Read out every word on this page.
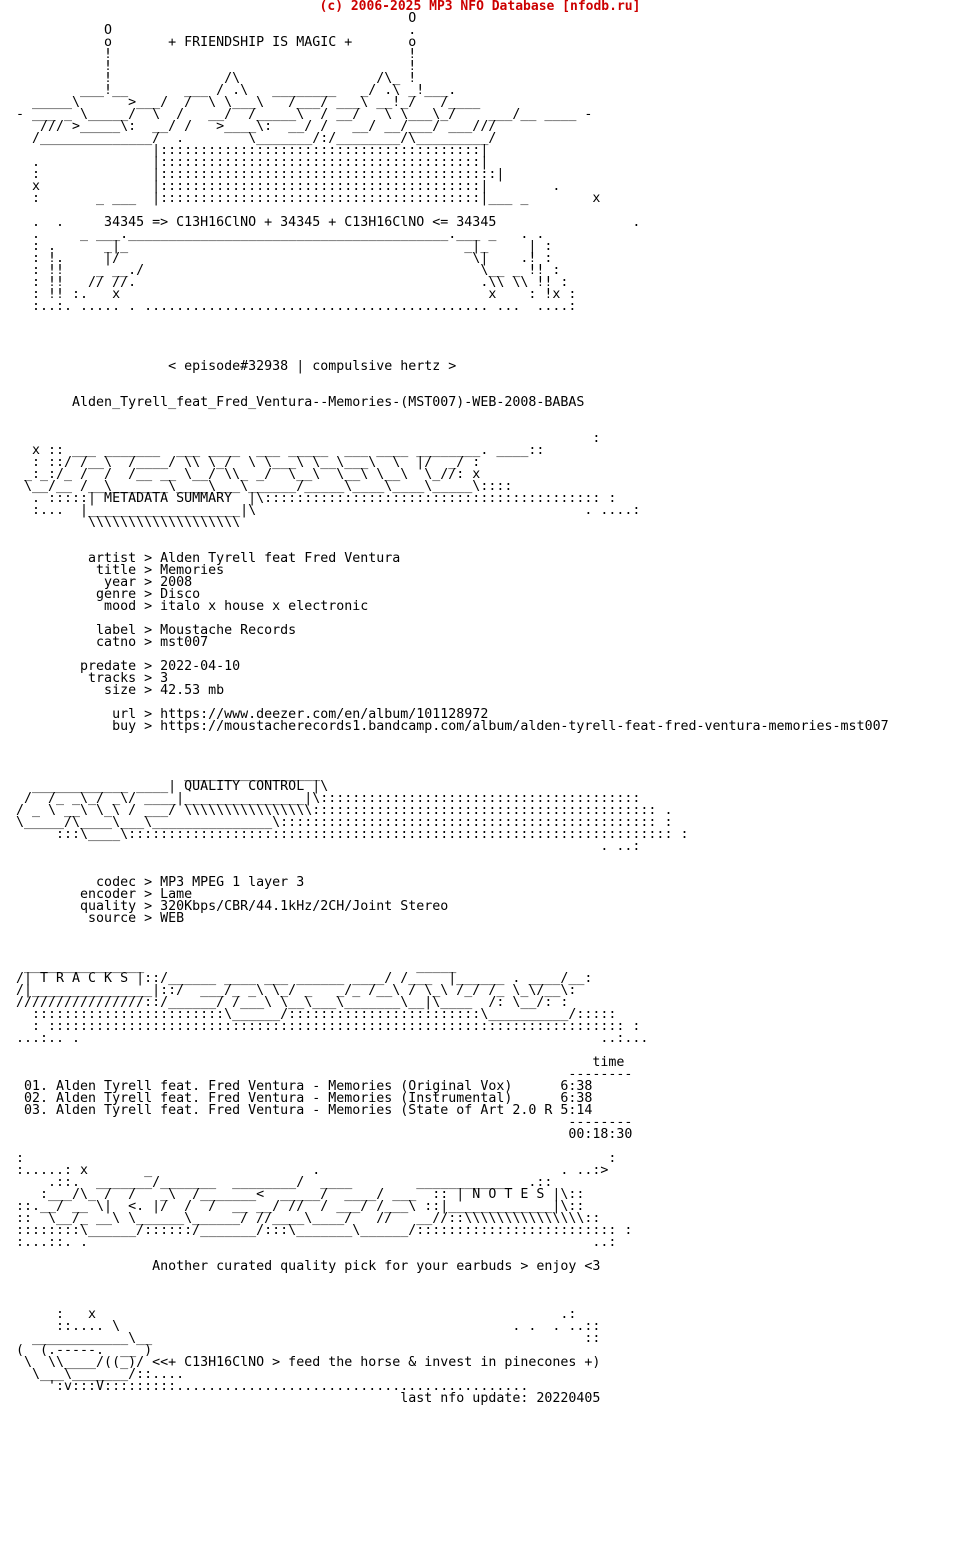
(c) 2006-2025 MP3 NFO Database [nfodb.ru]
O
O                                     .
o       + FRIENDSHIP IS MAGIC +       o
!                                     !
!                                     !
!              /\                 /\_ !
___!__       ___ / .\   ________   _/ .\ _!___.
_____\      >___/  /  \ \___\   /___/ ___\ __!_/   /____
- ___ _ \_____/  \  /   __/  /_____\  / __/   \ \___\_/    ___/__ ____ -
/// >_____\:  __/ /   >____\:  __/ /   __/ __/___/ ___///
/______________/  .        \_______/:/________/\_________/
|::::::::::::::::::::::::::::::::::::::::|
.              |::::::::::::::::::::::::::::::::::::::::|
:              |::::::::::::::::::::::::::::::::::::::::::|
x              |::::::::::::::::::::::::::::::::::::::::|        .
:       _ ___  |::::::::::::::::::::::::::::::::::::::::|___ _        x

.  .     34345 => C13H16ClNO + 34345 + C13H16ClNO <= 34345                 .
.     _ ___.________________________________________.___ _   . .
: .      _|_                                          _|_     | :
: !.     |/                                            \|    .! :
: !!    _ __./                                          \__ _ !! :
: !!   // //.                                           .\\ \\ !! :
: !! :.   x                                              x    : !x :
:..:. ..... . ........................................... ...  ....:

< episode#32938 | compulsive hertz >

Alden_Tyrell_feat_Fred_Ventura--Memories-(MST007)-WEB-2008-BABAS

:
x :: ___ _______  ___ ____  ___ _____  ___ ____ ________. ____::
: ::/ /__\  /____/ \\ \_/  \ \___\ \__\___\  \  |/  _/ :
_:_:/_ /  /  /__ __ \__/ \\_ _/  \__\  \__\ \__\  \_//: x
\__/__ /__\_______\____\___\______/_____\____\____\_____\::::
. :::::| METADATA SUMMARY  |\:::::::::::::::::::::::::::::::::::::::::: :
:...  |___________________|\                                         . ....:
\\\\\\\\\\\\\\\\\\\

artist > Alden Tyrell feat Fred Ventura
title > Memories
year > 2008
genre > Disco
mood > italo x house x electronic

label > Moustache Records
catno > mst007

predate > 2022-04-10
tracks > 3
size > 42.53 mb

url > https://www.deezer.com/en/album/101128972
buy > https://moustacherecords1.bandcamp.com/album/alden-tyrell-feat-fred-ventura-memories-mst007

_________________
____________ ____| QUALITY CONTROL |\
/  /_ _\_/ _\/ ____|_______________|\::::::::::::::::::::::::::::::::::::::::
/ _ \ __\ \_\ / ___/ \\\\\\\\\\\\\\\\::::::::::::::::::::::::::::::::::::::::::: .
\_____/\____\___\_______________\::::::::::::::::::::::::::::::::::::::::::::::: :
:::\____\:::::::::::::::::::::::::::::::::::::::::::::::::::::::::::::::::::: :
. ..:

codec > MP3 MPEG 1 layer 3
encoder > Lame
quality > 320Kbps/CBR/44.1kHz/2CH/Joint Stereo
source > WEB

_______________                                  _____
/| T R A C K S |::/______ ____ ___ ______ ____/ /___  |______ . ____/__:
/|_______________|::/  ___/_ _\ \_/ _   _/_ /__\ / \_\ /_/ /_ \_\/__\:
////////////////::/______/ /___\ \__\___\_______\__|\____  /: \__/: :
::::::::::::::::::::::::\______/::::::::::::::::::::::::\__________/:::::
: :::::::::::::::::::::::::::::::::::::::::::::::::::::::::::::::::::::::: :
...:.. .                                                                 ..:...

time
--------
01. Alden Tyrell feat. Fred Ventura - Memories (Original Vox)      6:38
02. Alden Tyrell feat. Fred Ventura - Memories (Instrumental)      6:38
03. Alden Tyrell feat. Fred Ventura - Memories (State of Art 2.0 R 5:14
--------
00:18:30

:                                                                         :
:.....: x       _                    .                              . ..:>
.::.  _______/_______  ________/  ____        ____________  .::
:___/\_ /  /   _\  /_______<  _____/  ____/ ___  :: | N O T E S |\::
::.__/ __ \|  <. |/  /  /  __ __/ //  / ___/ /___\ ::|_____________|\::
::  \__/_ __\ \______\______/ //____\____/   //   __//::\\\\\\\\\\\\\\\::
::::::::\______/::::::/_______/:::\_______\______/::::::::::::::::::::::::: :
:...::. .                                                               ..:

Another curated quality pick for your earbuds > enjoy <3

:   x                                                          .:
::.... \                                                 . .  . ..::
____________\__                                                      ::
(  (.-----.  __ )
\  \\____/((_)/ <<+ C13H16ClNO > feed the horse & invest in pinecones +)
\___\_______/::....
':v:::V:::::::::............................................
last nfo update: 20220405
